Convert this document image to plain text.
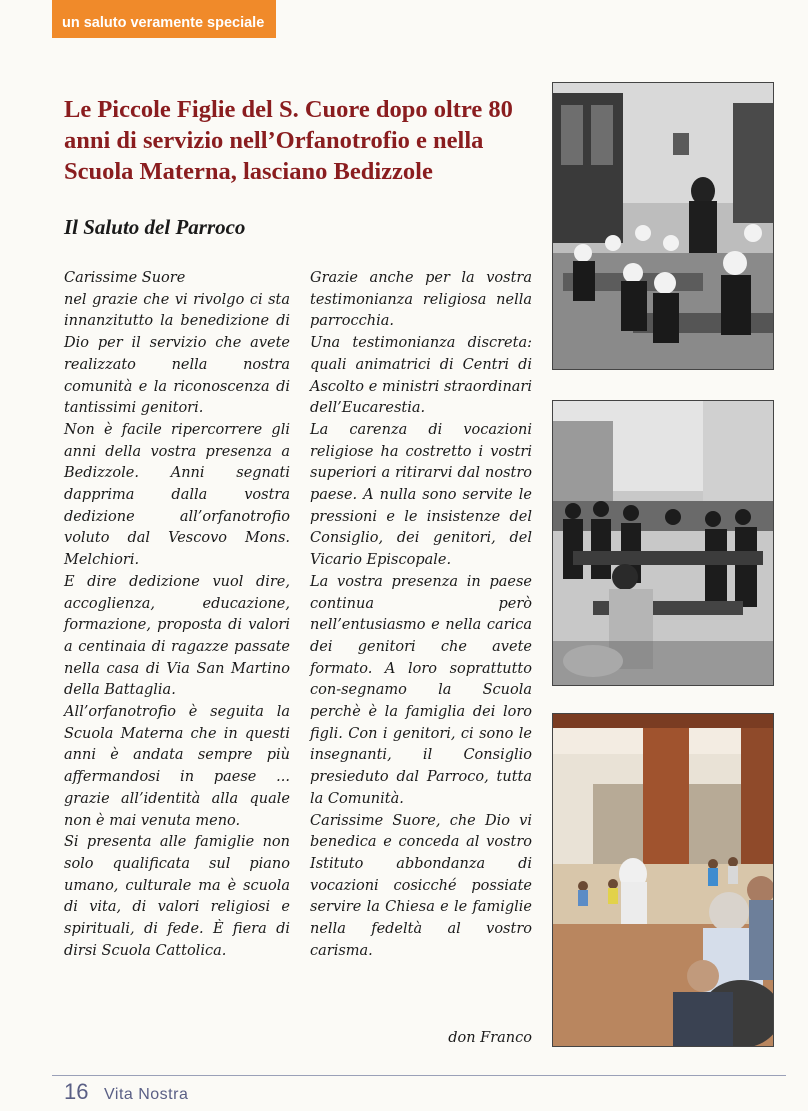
un saluto veramente speciale
Le Piccole Figlie del S. Cuore dopo oltre 80 anni di servizio nell’Orfanotrofio e nella Scuola Materna, lasciano Bedizzole
Il Saluto del Parroco

Carissime Suore

nel grazie che vi rivolgo ci sta innanzitutto la benedizione di Dio per il servizio che avete realizzato nella nostra comunità e la riconoscenza di tantissimi genitori.

Non è facile ripercorrere gli anni della vostra presenza a Bedizzole. Anni segnati dapprima dalla vostra dedizione all’orfanotrofio voluto dal Vescovo Mons. Melchiori.

E dire dedizione vuol dire, accoglienza, educazione, formazione, proposta di valori a centinaia di ragazze passate nella casa di Via San Martino della Battaglia.

All’orfanotrofio è seguita la Scuola Materna che in questi anni è andata sempre più affermandosi in paese ... grazie all’identità alla quale non è mai venuta meno.

Si presenta alle famiglie non solo qualificata sul piano umano, culturale ma è scuola di vita, di valori religiosi e spirituali, di fede. È fiera di dirsi Scuola Cattolica.

Grazie anche per la vostra testimonianza religiosa nella parrocchia.

Una testimonianza discreta: quali animatrici di Centri di Ascolto e ministri straordinari dell’Eucarestia.

La carenza di vocazioni religiose ha costretto i vostri superiori a ritirarvi dal nostro paese. A nulla sono servite le pressioni e le insistenze del Consiglio, dei genitori, del Vicario Episcopale.

La vostra presenza in paese continua però nell’entusiasmo e nella carica dei genitori che avete formato. A loro soprattutto con-segnamo la Scuola perchè è la famiglia dei loro figli. Con i genitori, ci sono le insegnanti, il Consiglio presieduto dal Parroco, tutta la Comunità.

Carissime Suore, che Dio vi benedica e conceda al vostro Istituto abbondanza di vocazioni cosicché possiate servire la Chiesa e le famiglie nella fedeltà al vostro carisma.

don Franco
16 Vita Nostra
